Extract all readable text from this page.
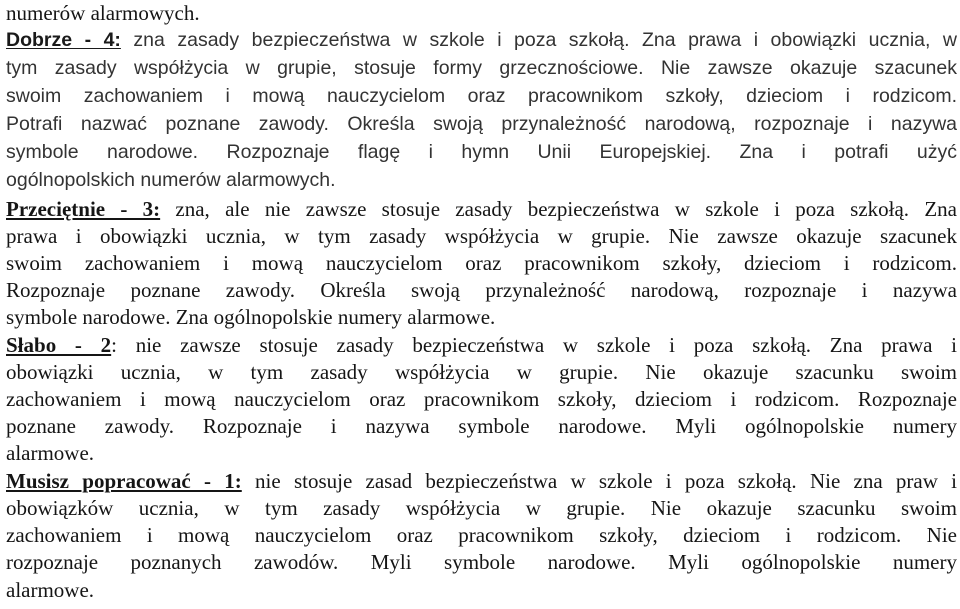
numerów alarmowych.

Dobrze - 4: zna zasady bezpieczeństwa w szkole i poza szkołą. Zna prawa i obowiązki ucznia, w

tym zasady współżycia w grupie, stosuje formy grzecznościowe. Nie zawsze okazuje szacunek

swoim zachowaniem i mową nauczycielom oraz pracownikom szkoły, dzieciom i rodzicom.

Potrafi nazwać poznane zawody. Określa swoją przynależność narodową, rozpoznaje i nazywa

symbole narodowe. Rozpoznaje flagę i hymn Unii Europejskiej. Zna i potrafi użyć

ogólnopolskich numerów alarmowych.

Przeciętnie - 3: zna, ale nie zawsze stosuje zasady bezpieczeństwa w szkole i poza szkołą. Zna

prawa i obowiązki ucznia, w tym zasady współżycia w grupie. Nie zawsze okazuje szacunek

swoim zachowaniem i mową nauczycielom oraz pracownikom szkoły, dzieciom i rodzicom.

Rozpoznaje poznane zawody. Określa swoją przynależność narodową, rozpoznaje i nazywa

symbole narodowe. Zna ogólnopolskie numery alarmowe.

Słabo - 2: nie zawsze stosuje zasady bezpieczeństwa w szkole i poza szkołą. Zna prawa i

obowiązki ucznia, w tym zasady współżycia w grupie. Nie okazuje szacunku swoim

zachowaniem i mową nauczycielom oraz pracownikom szkoły, dzieciom i rodzicom. Rozpoznaje

poznane zawody. Rozpoznaje i nazywa symbole narodowe. Myli ogólnopolskie numery

alarmowe.

Musisz popracować - 1: nie stosuje zasad bezpieczeństwa w szkole i poza szkołą. Nie zna praw i

obowiązków ucznia, w tym zasady współżycia w grupie. Nie okazuje szacunku swoim

zachowaniem i mową nauczycielom oraz pracownikom szkoły, dzieciom i rodzicom. Nie

rozpoznaje poznanych zawodów. Myli symbole narodowe. Myli ogólnopolskie numery

alarmowe.
